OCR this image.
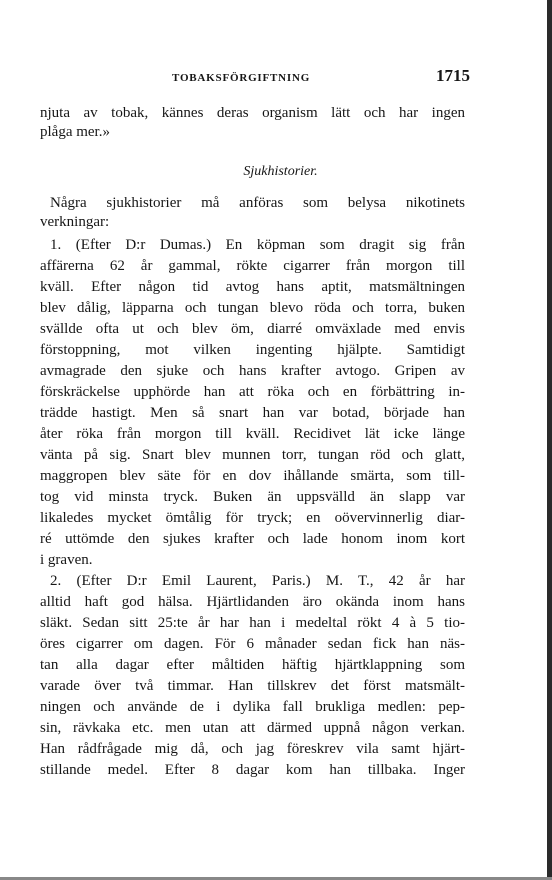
TOBAKSFÖRGIFTNING	1715
njuta av tobak, kännes deras organism lätt och har ingen
plåga mer.»
Sjukhistorier.
Några sjukhistorier må anföras som belysa nikotinets
verkningar:
1. (Efter D:r Dumas.) En köpman som dragit sig från
affärerna 62 år gammal, rökte cigarrer från morgon till
kväll. Efter någon tid avtog hans aptit, matsmältningen
blev dålig, läpparna och tungan blevo röda och torra, buken
svällde ofta ut och blev öm, diarré omväxlade med envis
förstoppning, mot vilken ingenting hjälpte. Samtidigt
avmagrade den sjuke och hans krafter avtogo. Gripen av
förskräckelse upphörde han att röka och en förbättring in-
trädde hastigt. Men så snart han var botad, började han
åter röka från morgon till kväll. Recidivet lät icke länge
vänta på sig. Snart blev munnen torr, tungan röd och glatt,
maggropen blev säte för en dov ihållande smärta, som till-
tog vid minsta tryck. Buken än uppsvälld än slapp var
likaledes mycket ömtålig för tryck; en oövervinnerlig diar-
ré uttömde den sjukes krafter och lade honom inom kort
i graven.
2. (Efter D:r Emil Laurent, Paris.) M. T., 42 år har
alltid haft god hälsa. Hjärtlidanden äro okända inom hans
släkt. Sedan sitt 25:te år har han i medeltal rökt 4 à 5 tio-
öres cigarrer om dagen. För 6 månader sedan fick han näs-
tan alla dagar efter måltiden häftig hjärtklappning som
varade över två timmar. Han tillskrev det först matsmält-
ningen och använde de i dylika fall brukliga medlen: pep-
sin, rävkaka etc. men utan att därmed uppnå någon verkan.
Han rådfrågade mig då, och jag föreskrev vila samt hjärt-
stillande medel. Efter 8 dagar kom han tillbaka. Inger
